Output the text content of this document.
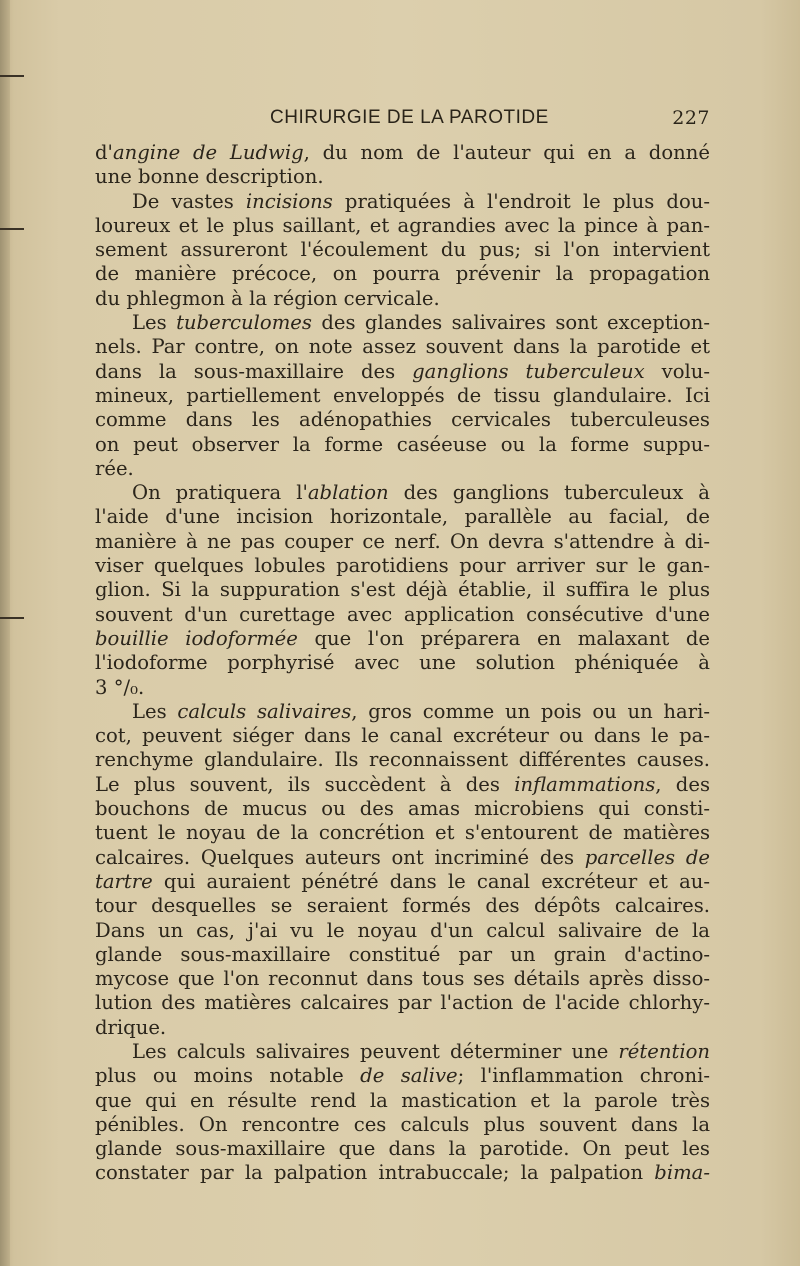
CHIRURGIE DE LA PAROTIDE	227
d'angine de Ludwig, du nom de l'auteur qui en a donné
une bonne description.
De vastes incisions pratiquées à l'endroit le plus dou-
loureux et le plus saillant, et agrandies avec la pince à pan-
sement assureront l'écoulement du pus; si l'on intervient
de manière précoce, on pourra prévenir la propagation
du phlegmon à la région cervicale.
Les tuberculomes des glandes salivaires sont exception-
nels. Par contre, on note assez souvent dans la parotide et
dans la sous-maxillaire des ganglions tuberculeux volu-
mineux, partiellement enveloppés de tissu glandulaire. Ici
comme dans les adénopathies cervicales tuberculeuses
on peut observer la forme caséeuse ou la forme suppu-
rée.
On pratiquera l'ablation des ganglions tuberculeux à
l'aide d'une incision horizontale, parallèle au facial, de
manière à ne pas couper ce nerf. On devra s'attendre à di-
viser quelques lobules parotidiens pour arriver sur le gan-
glion. Si la suppuration s'est déjà établie, il suffira le plus
souvent d'un curettage avec application consécutive d'une
bouillie iodoformée que l'on préparera en malaxant de
l'iodoforme porphyrisé avec une solution phéniquée à
3 °/₀.
Les calculs salivaires, gros comme un pois ou un hari-
cot, peuvent siéger dans le canal excréteur ou dans le pa-
renchyme glandulaire. Ils reconnaissent différentes causes.
Le plus souvent, ils succèdent à des inflammations, des
bouchons de mucus ou des amas microbiens qui consti-
tuent le noyau de la concrétion et s'entourent de matières
calcaires. Quelques auteurs ont incriminé des parcelles de
tartre qui auraient pénétré dans le canal excréteur et au-
tour desquelles se seraient formés des dépôts calcaires.
Dans un cas, j'ai vu le noyau d'un calcul salivaire de la
glande sous-maxillaire constitué par un grain d'actino-
mycose que l'on reconnut dans tous ses détails après disso-
lution des matières calcaires par l'action de l'acide chlorhy-
drique.
Les calculs salivaires peuvent déterminer une rétention
plus ou moins notable de salive; l'inflammation chroni-
que qui en résulte rend la mastication et la parole très
pénibles. On rencontre ces calculs plus souvent dans la
glande sous-maxillaire que dans la parotide. On peut les
constater par la palpation intrabuccale; la palpation bima-
